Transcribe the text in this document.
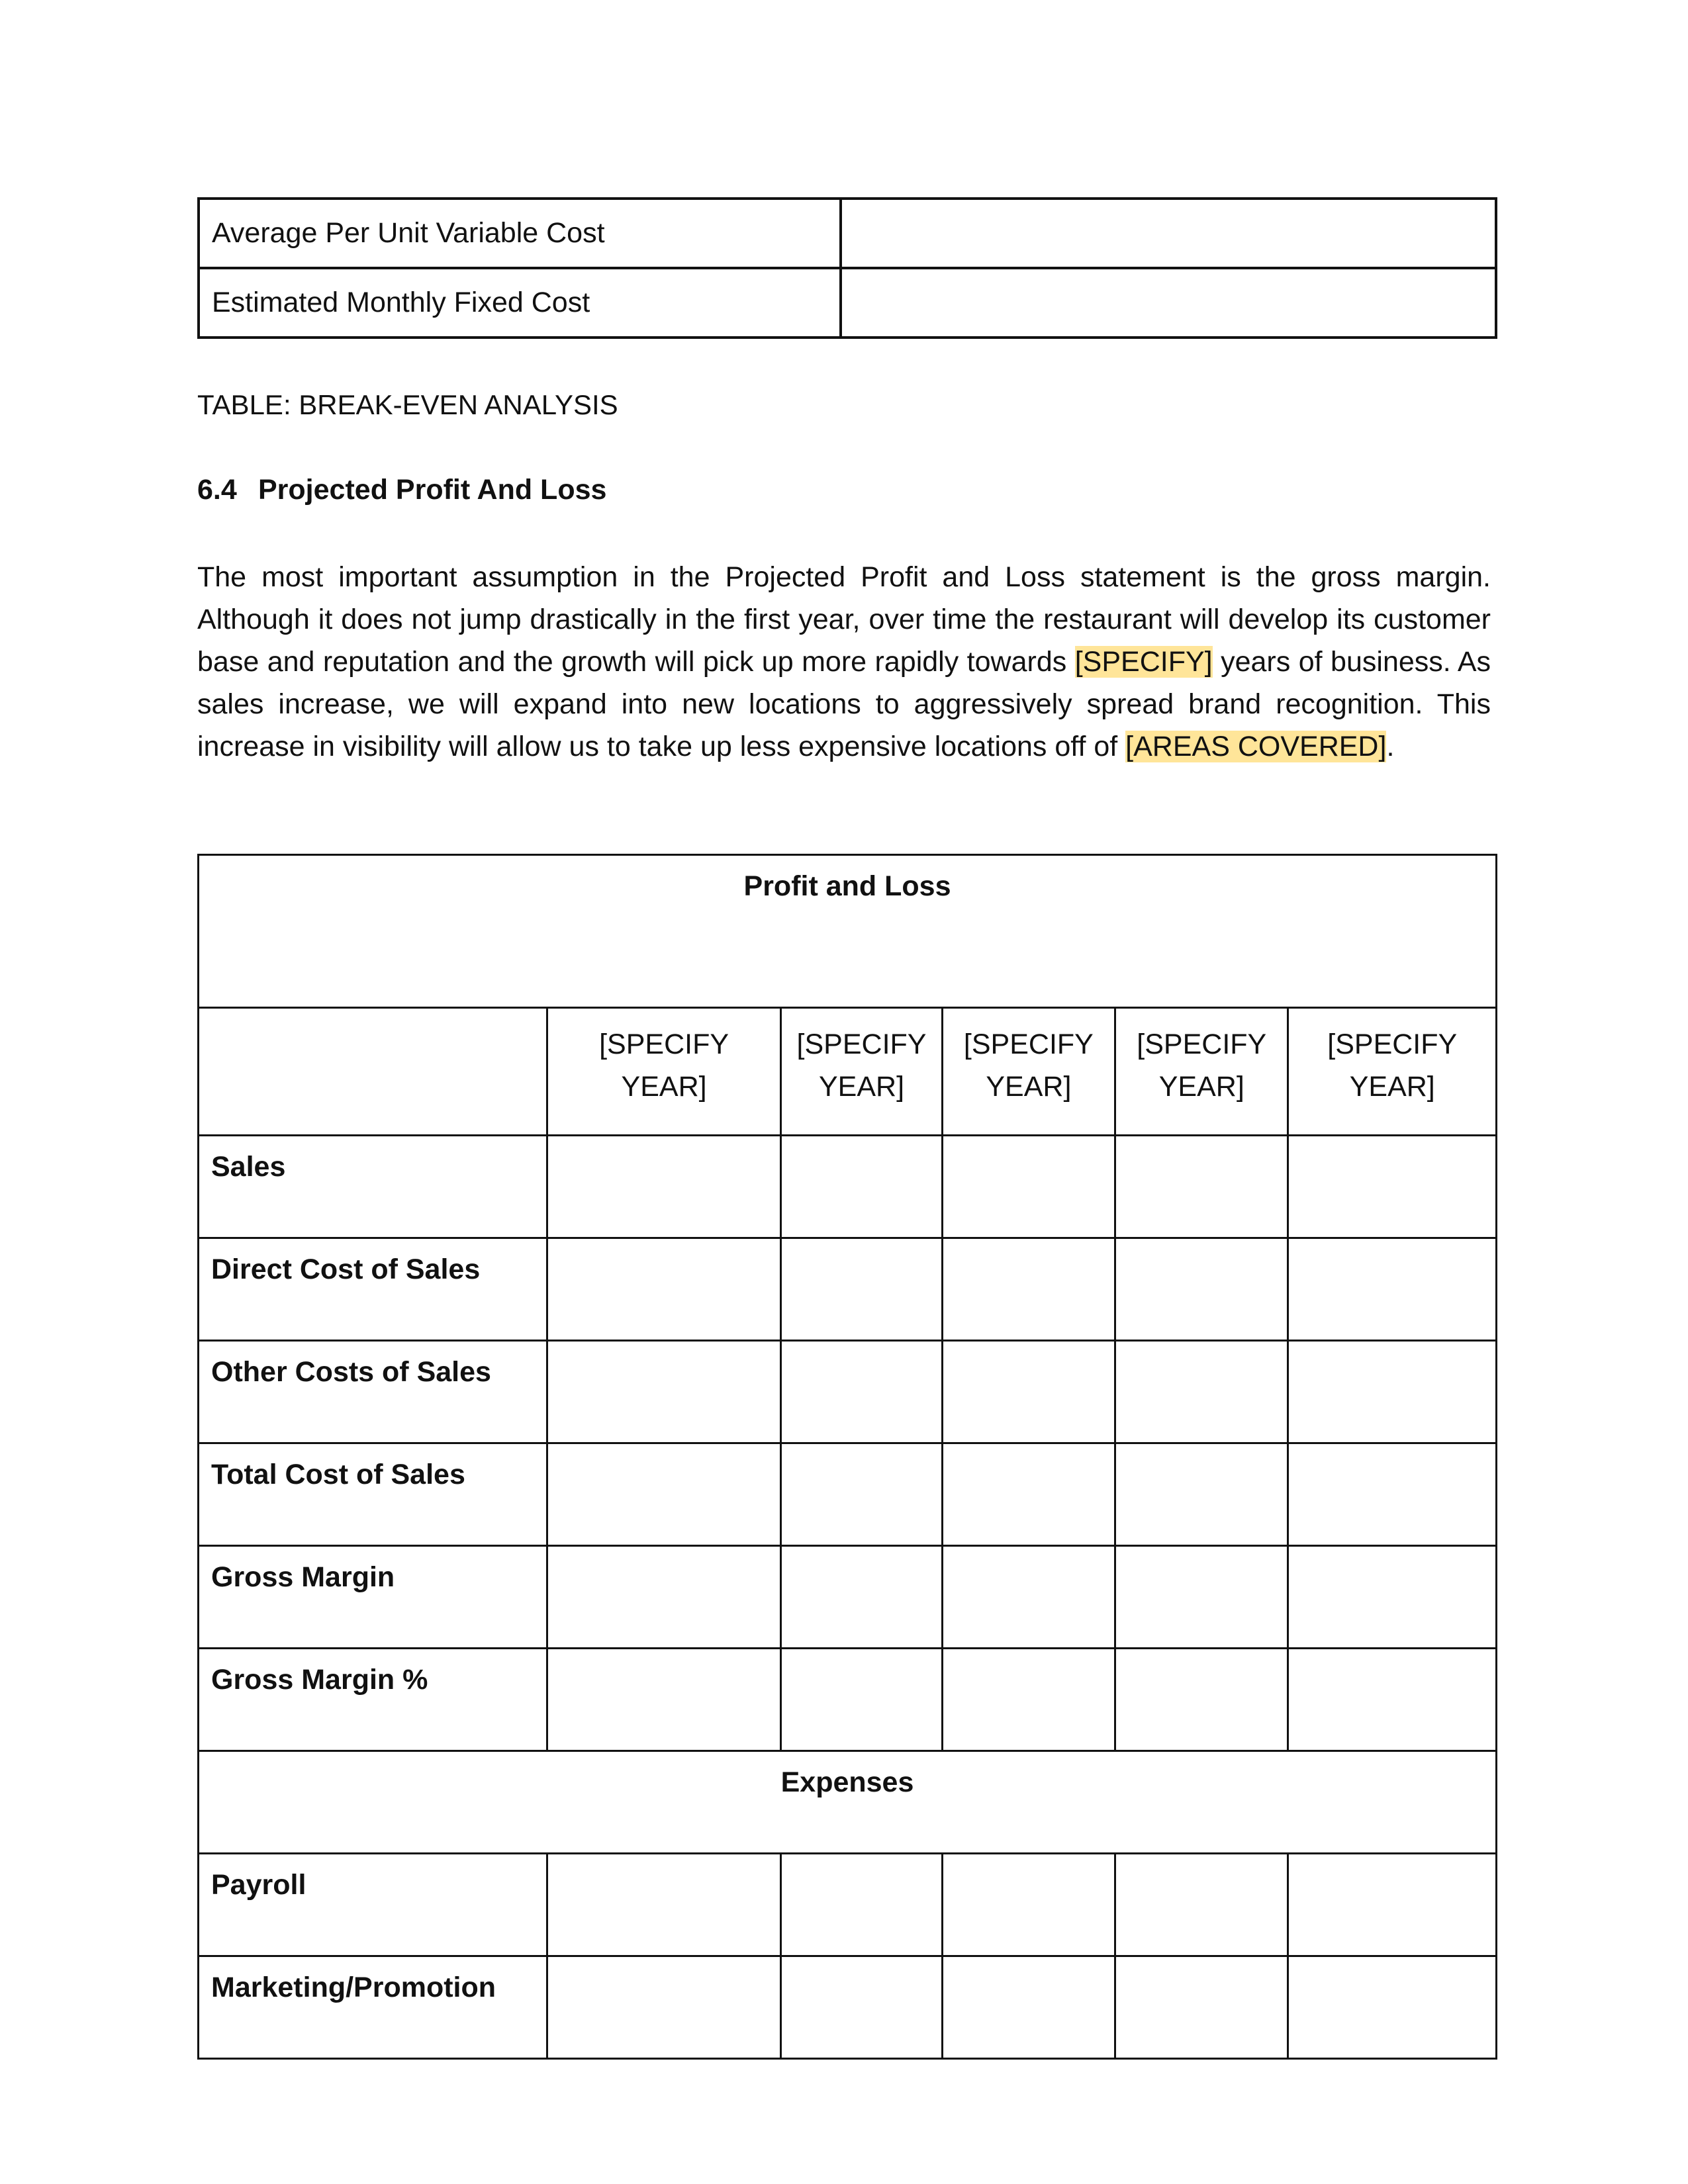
Average Per Unit Variable Cost	
Estimated Monthly Fixed Cost	
TABLE: BREAK-EVEN ANALYSIS
6.4 Projected Profit And Loss

The most important assumption in the Projected Profit and Loss statement is the gross margin. Although it does not jump drastically in the first year, over time the restaurant will develop its customer base and reputation and the growth will pick up more rapidly towards [SPECIFY] years of business. As sales increase, we will expand into new locations to aggressively spread brand recognition. This increase in visibility will allow us to take up less expensive locations off of [AREAS COVERED].

Profit and Loss					
	[SPECIFY YEAR]	[SPECIFY YEAR]	[SPECIFY YEAR]	[SPECIFY YEAR]	[SPECIFY YEAR]
Sales					
Direct Cost of Sales					
Other Costs of Sales					
Total Cost of Sales					
Gross Margin					
Gross Margin %					
Expenses					
Payroll					
Marketing/Promotion					
